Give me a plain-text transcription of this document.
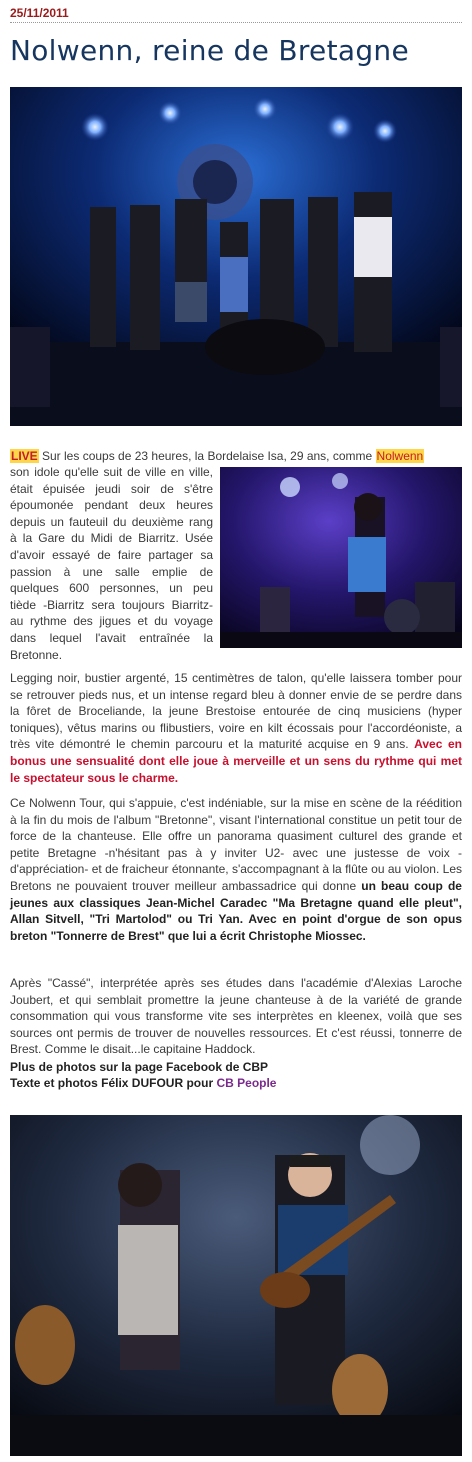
25/11/2011
Nolwenn, reine de Bretagne
LIVE Sur les coups de 23 heures, la Bordelaise Isa, 29 ans, comme Nolwenn
son idole qu'elle suit de ville en ville, était épuisée jeudi soir de s'être époumonée pendant deux heures depuis un fauteuil du deuxième rang à la Gare du Midi de Biarritz. Usée d'avoir essayé de faire partager sa passion à une salle emplie de quelques 600 personnes, un peu tiède -Biarritz sera toujours Biarritz- au rythme des jigues et du voyage dans lequel l'avait entraînée la Bretonne.
Legging noir, bustier argenté, 15 centimètres de talon, qu'elle laissera tomber pour se retrouver pieds nus, et un intense regard bleu à donner envie de se perdre dans la fôret de Broceliande, la jeune Brestoise entourée de cinq musiciens (hyper toniques), vêtus marins ou flibustiers, voire en kilt écossais pour l'accordéoniste, a très vite démontré le chemin parcouru et la maturité acquise en 9 ans. Avec en bonus une sensualité dont elle joue à merveille et un sens du rythme qui met le spectateur sous le charme.
Ce Nolwenn Tour, qui s'appuie, c'est indéniable, sur la mise en scène de la réédition à la fin du mois de l'album "Bretonne", visant l'international constitue un petit tour de force de la chanteuse. Elle offre un panorama quasiment culturel des grande et petite Bretagne -n'hésitant pas à y inviter U2- avec une justesse de voix - d'appréciation- et de fraicheur étonnante, s'accompagnant à la flûte ou au violon. Les Bretons ne pouvaient trouver meilleur ambassadrice qui donne un beau coup de jeunes aux classiques Jean-Michel Caradec "Ma Bretagne quand elle pleut", Allan Sitvell, "Tri Martolod" ou Tri Yan. Avec en point d'orgue de son opus breton "Tonnerre de Brest" que lui a écrit Christophe Miossec.
Après "Cassé", interprétée après ses études dans l'académie d'Alexias Laroche Joubert, et qui semblait promettre la jeune chanteuse à de la variété de grande consommation qui vous transforme vite ses interprètes en kleenex, voilà que ses sources ont permis de trouver de nouvelles ressources. Et c'est réussi, tonnerre de Brest. Comme le disait...le capitaine Haddock.
Plus de photos sur la page Facebook de CBP
Texte et photos Félix DUFOUR pour CB People
